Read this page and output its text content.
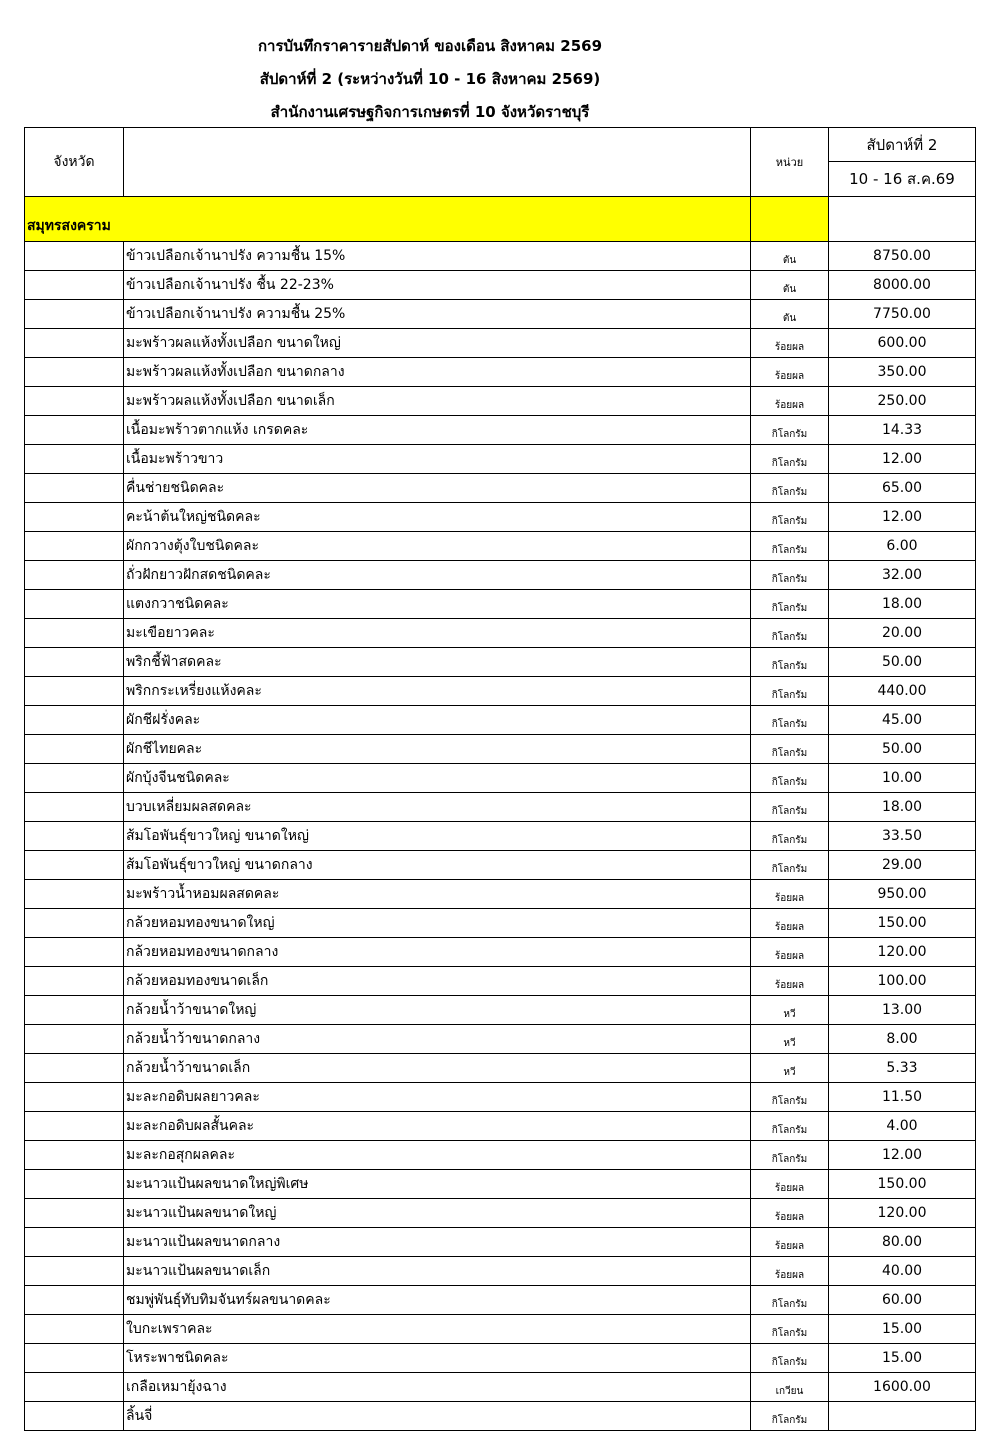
การบันทึกราคารายสัปดาห์ ของเดือน สิงหาคม 2569
สัปดาห์ที่ 2 (ระหว่างวันที่ 10 - 16 สิงหาคม 2569)
สำนักงานเศรษฐกิจการเกษตรที่ 10 จังหวัดราชบุรี
จังหวัด		หน่วย	สัปดาห์ที่ 2
			10 - 16 ส.ค.69
สมุทรสงคราม			
	ข้าวเปลือกเจ้านาปรัง ความชื้น 15%	ตัน	8750.00
	ข้าวเปลือกเจ้านาปรัง ชื้น 22-23%	ตัน	8000.00
	ข้าวเปลือกเจ้านาปรัง ความชื้น 25%	ตัน	7750.00
	มะพร้าวผลแห้งทั้งเปลือก ขนาดใหญ่	ร้อยผล	600.00
	มะพร้าวผลแห้งทั้งเปลือก ขนาดกลาง	ร้อยผล	350.00
	มะพร้าวผลแห้งทั้งเปลือก ขนาดเล็ก	ร้อยผล	250.00
	เนื้อมะพร้าวตากแห้ง เกรดคละ	กิโลกรัม	14.33
	เนื้อมะพร้าวขาว	กิโลกรัม	12.00
	คื่นช่ายชนิดคละ	กิโลกรัม	65.00
	คะน้าต้นใหญ่ชนิดคละ	กิโลกรัม	12.00
	ผักกวางตุ้งใบชนิดคละ	กิโลกรัม	6.00
	ถั่วฝักยาวฝักสดชนิดคละ	กิโลกรัม	32.00
	แตงกวาชนิดคละ	กิโลกรัม	18.00
	มะเขือยาวคละ	กิโลกรัม	20.00
	พริกชี้ฟ้าสดคละ	กิโลกรัม	50.00
	พริกกระเหรี่ยงแห้งคละ	กิโลกรัม	440.00
	ผักชีฝรั่งคละ	กิโลกรัม	45.00
	ผักชีไทยคละ	กิโลกรัม	50.00
	ผักบุ้งจีนชนิดคละ	กิโลกรัม	10.00
	บวบเหลี่ยมผลสดคละ	กิโลกรัม	18.00
	ส้มโอพันธุ์ขาวใหญ่ ขนาดใหญ่	กิโลกรัม	33.50
	ส้มโอพันธุ์ขาวใหญ่ ขนาดกลาง	กิโลกรัม	29.00
	มะพร้าวน้ำหอมผลสดคละ	ร้อยผล	950.00
	กล้วยหอมทองขนาดใหญ่	ร้อยผล	150.00
	กล้วยหอมทองขนาดกลาง	ร้อยผล	120.00
	กล้วยหอมทองขนาดเล็ก	ร้อยผล	100.00
	กล้วยน้ำว้าขนาดใหญ่	หวี	13.00
	กล้วยน้ำว้าขนาดกลาง	หวี	8.00
	กล้วยน้ำว้าขนาดเล็ก	หวี	5.33
	มะละกอดิบผลยาวคละ	กิโลกรัม	11.50
	มะละกอดิบผลสั้นคละ	กิโลกรัม	4.00
	มะละกอสุกผลคละ	กิโลกรัม	12.00
	มะนาวแป้นผลขนาดใหญ่พิเศษ	ร้อยผล	150.00
	มะนาวแป้นผลขนาดใหญ่	ร้อยผล	120.00
	มะนาวแป้นผลขนาดกลาง	ร้อยผล	80.00
	มะนาวแป้นผลขนาดเล็ก	ร้อยผล	40.00
	ชมพู่พันธุ์ทับทิมจันทร์ผลขนาดคละ	กิโลกรัม	60.00
	ใบกะเพราคละ	กิโลกรัม	15.00
	โหระพาชนิดคละ	กิโลกรัม	15.00
	เกลือเหมายุ้งฉาง	เกวียน	1600.00
	ลิ้นจี่	กิโลกรัม	
